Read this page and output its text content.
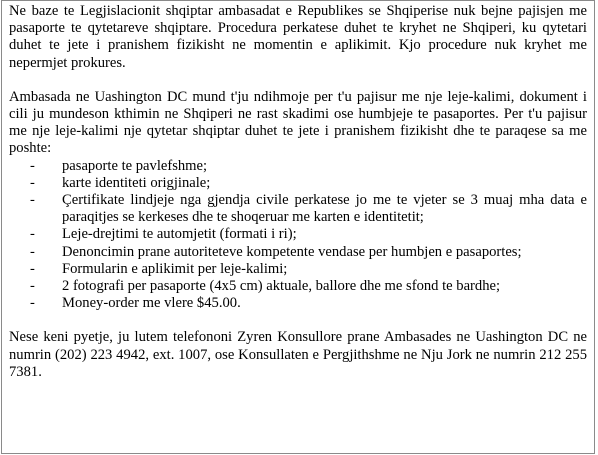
Ne baze te Legjislacionit shqiptar ambasadat e Republikes se Shqiperise nuk bejne pajisjen me pasaporte te qytetareve shqiptare. Procedura perkatese duhet te kryhet ne Shqiperi, ku qytetari duhet te jete i pranishem fizikisht ne momentin e aplikimit. Kjo procedure nuk kryhet me nepermjet prokures.

Ambasada ne Uashington DC mund t'ju ndihmoje per t'u pajisur me nje leje-kalimi, dokument i cili ju mundeson kthimin ne Shqiperi ne rast skadimi ose humbjeje te pasaportes. Per t'u pajisur me nje leje-kalimi nje qytetar shqiptar duhet te jete i pranishem fizikisht dhe te paraqese sa me poshte:

- pasaporte te pavlefshme;
- karte identiteti origjinale;
- Çertifikate lindjeje nga gjendja civile perkatese jo me te vjeter se 3 muaj mha data e paraqitjes se kerkeses dhe te shoqeruar me karten e identitetit;
- Leje-drejtimi te automjetit (formati i ri);
- Denoncimin prane autoriteteve kompetente vendase per humbjen e pasaportes;
- Formularin e aplikimit per leje-kalimi;
- 2 fotografi per pasaporte (4x5 cm) aktuale, ballore dhe me sfond te bardhe;
- Money-order me vlere $45.00.

Nese keni pyetje, ju lutem telefononi Zyren Konsullore prane Ambasades ne Uashington DC ne numrin (202) 223 4942, ext. 1007, ose Konsullaten e Pergjithshme ne Nju Jork ne numrin 212 255 7381.
